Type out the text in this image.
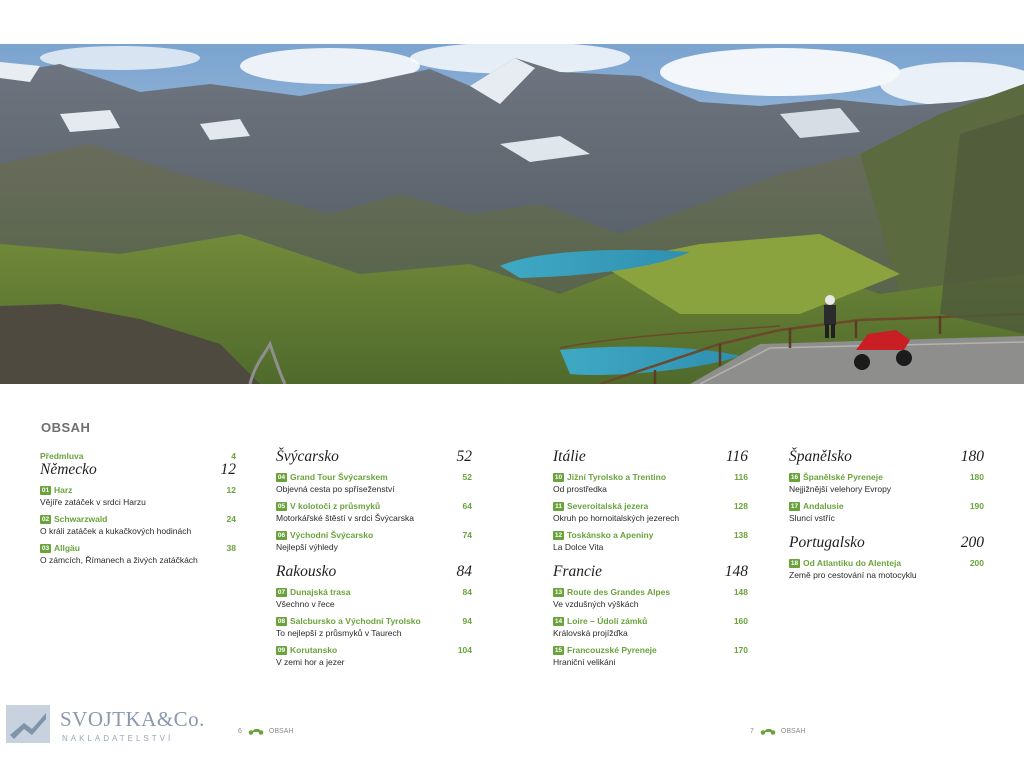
OBSAH
Předmluva	4
Německo	12
01 Harz	12
Vějíře zatáček v srdci Harzu
02 Schwarzwald	24
O králi zatáček a kukačkových hodinách
03 Allgäu	38
O zámcích, Římanech a živých zatáčkách
Švýcarsko	52
04 Grand Tour Švýcarskem	52
Objevná cesta po spříseženství
05 V kolotoči z průsmyků	64
Motorkářské štěstí v srdci Švýcarska
06 Východní Švýcarsko	74
Nejlepší výhledy
Rakousko	84
07 Dunajská trasa	84
Všechno v řece
08 Salcbursko a Východní Tyrolsko	94
To nejlepší z průsmyků v Taurech
09 Korutansko	104
V zemi hor a jezer
Itálie	116
10 Jižní Tyrolsko a Trentino	116
Od prostředka
11 Severoitalská jezera	128
Okruh po hornoitalských jezerech
12 Toskánsko a Apeniny	138
La Dolce Vita
Francie	148
13 Route des Grandes Alpes	148
Ve vzdušných výškách
14 Loire – Údolí zámků	160
Královská projížďka
15 Francouzské Pyreneje	170
Hraniční velikáni
Španělsko	180
16 Španělské Pyreneje	180
Nejjižnější velehory Evropy
17 Andalusie	190
Slunci vstříc
Portugalsko	200
18 Od Atlantiku do Alenteja	200
Země pro cestování na motocyklu
SVOJTKA&Co.
NAKLADATELSTVÍ
6	OBSAH	7	OBSAH
